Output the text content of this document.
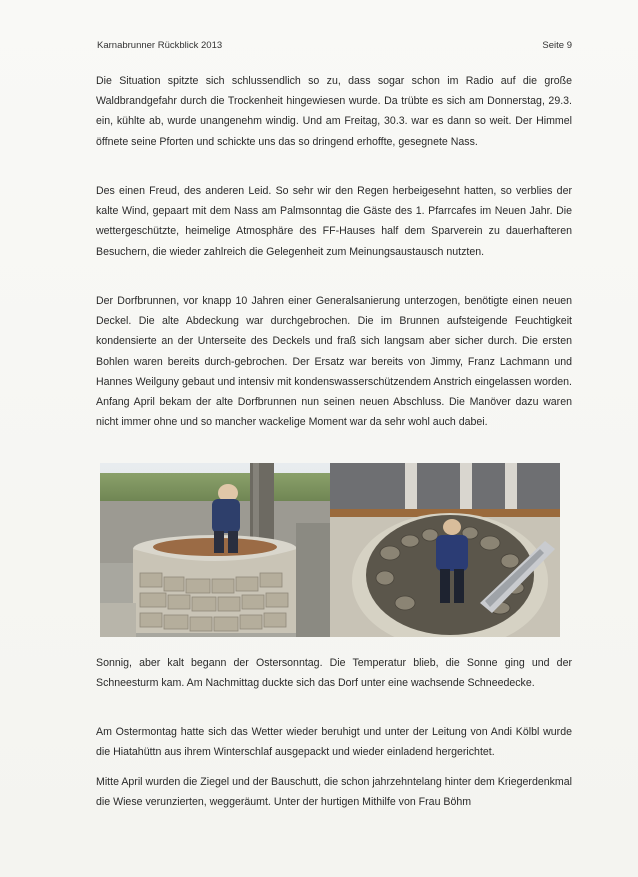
Karnabrunner Rückblick 2013	Seite 9
Die Situation spitzte sich schlussendlich so zu, dass sogar schon im Radio auf die große Waldbrandgefahr durch die Trockenheit hingewiesen wurde. Da trübte es sich am Donnerstag, 29.3. ein, kühlte ab, wurde unangenehm windig. Und am Freitag, 30.3. war es dann so weit. Der Himmel öffnete seine Pforten und schickte uns das so dringend erhoffte, gesegnete Nass.
Des einen Freud, des anderen Leid. So sehr wir den Regen herbeigesehnt hatten, so verblies der kalte Wind, gepaart mit dem Nass am Palmsonntag die Gäste des 1. Pfarrcafes im Neuen Jahr. Die wettergeschützte, heimelige Atmosphäre des FF-Hauses half dem Sparverein zu dauerhafteren Besuchern, die wieder zahlreich die Gelegenheit zum Meinungsaustausch nutzten.
Der Dorfbrunnen, vor knapp 10 Jahren einer Generalsanierung unterzogen, benötigte einen neuen Deckel. Die alte Abdeckung war durchgebrochen. Die im Brunnen aufsteigende Feuchtigkeit kondensierte an der Unterseite des Deckels und fraß sich langsam aber sicher durch. Die ersten Bohlen waren bereits durch-gebrochen. Der Ersatz war bereits von Jimmy, Franz Lachmann und Hannes Weilguny gebaut und intensiv mit kondenswasserschützendem Anstrich eingelassen worden. Anfang April bekam der alte Dorfbrunnen nun seinen neuen Abschluss. Die Manöver dazu waren nicht immer ohne und so mancher wackelige Moment war da sehr wohl auch dabei.
Sonnig, aber kalt begann der Ostersonntag. Die Temperatur blieb, die Sonne ging und der Schneesturm kam. Am Nachmittag duckte sich das Dorf unter eine wachsende Schneedecke.
Am Ostermontag hatte sich das Wetter wieder beruhigt und unter der Leitung von Andi Kölbl wurde die Hiatahüttn aus ihrem Winterschlaf ausgepackt und wieder einladend hergerichtet.
Mitte April wurden die Ziegel und der Bauschutt, die schon jahrzehntelang hinter dem Kriegerdenkmal die Wiese verunzierten, weggeräumt. Unter der hurtigen Mithilfe von Frau Böhm
